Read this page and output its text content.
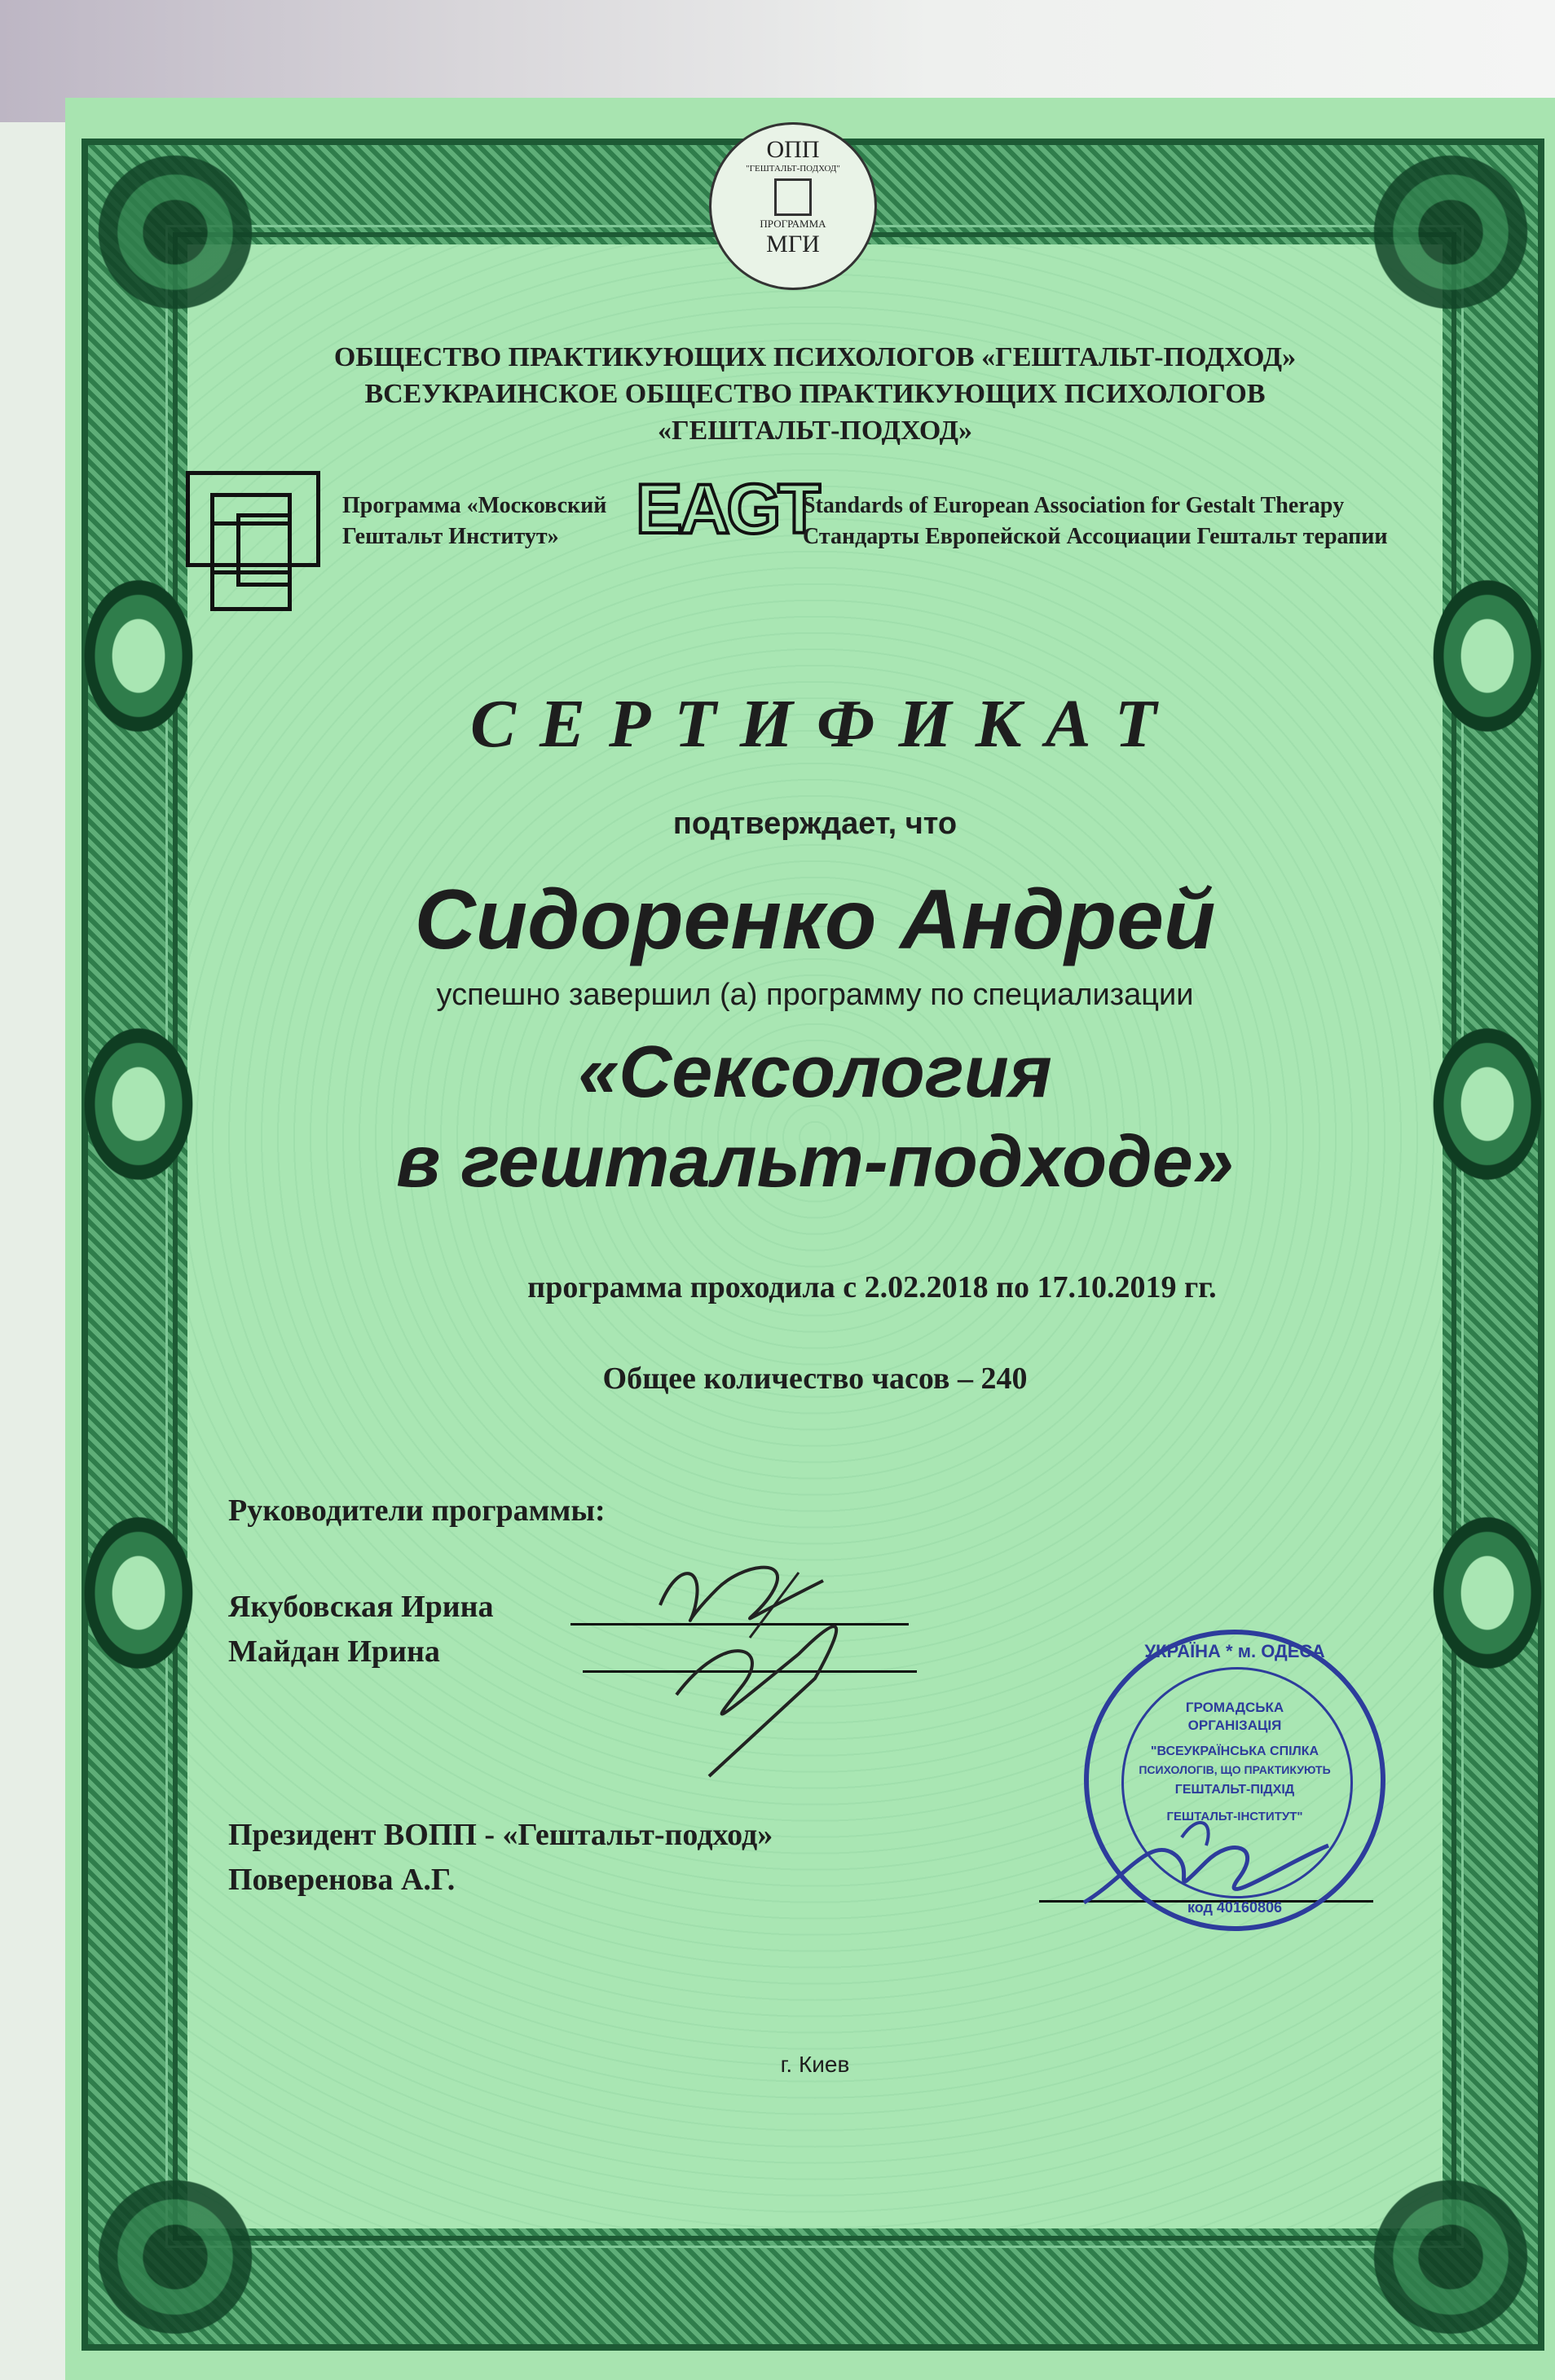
ОПП
"ГЕШТАЛЬТ-ПОДХОД"
ПРОГРАММА
МГИ
ОБЩЕСТВО ПРАКТИКУЮЩИХ ПСИХОЛОГОВ «ГЕШТАЛЬТ-ПОДХОД»
ВСЕУКРАИНСКОЕ ОБЩЕСТВО ПРАКТИКУЮЩИХ ПСИХОЛОГОВ
«ГЕШТАЛЬТ-ПОДХОД»
Программа «Московский
Гештальт Институт» EAGT
Standards of European Association for Gestalt Therapy
Стандарты Европейской Ассоциации Гештальт терапии
С Е Р Т И Ф И К А Т
подтверждает, что
Сидоренко Андрей
успешно завершил (а) программу по специализации
«Сексология
в гештальт-подходе»
программа проходила с 2.02.2018 по 17.10.2019 гг.
Общее количество часов – 240
Руководители программы:
Якубовская Ирина
Майдан Ирина
Президент ВОПП - «Гештальт-подход»
Поверенова А.Г.
УКРАЇНА * м. ОДЕСА
ГРОМАДСЬКА
ОРГАНІЗАЦІЯ
"ВСЕУКРАЇНСЬКА СПІЛКА
ПСИХОЛОГІВ, ЩО ПРАКТИКУЮТЬ
ГЕШТАЛЬТ-ПІДХІД
ГЕШТАЛЬТ-ІНСТИТУТ"
код 40160806
г. Киев
